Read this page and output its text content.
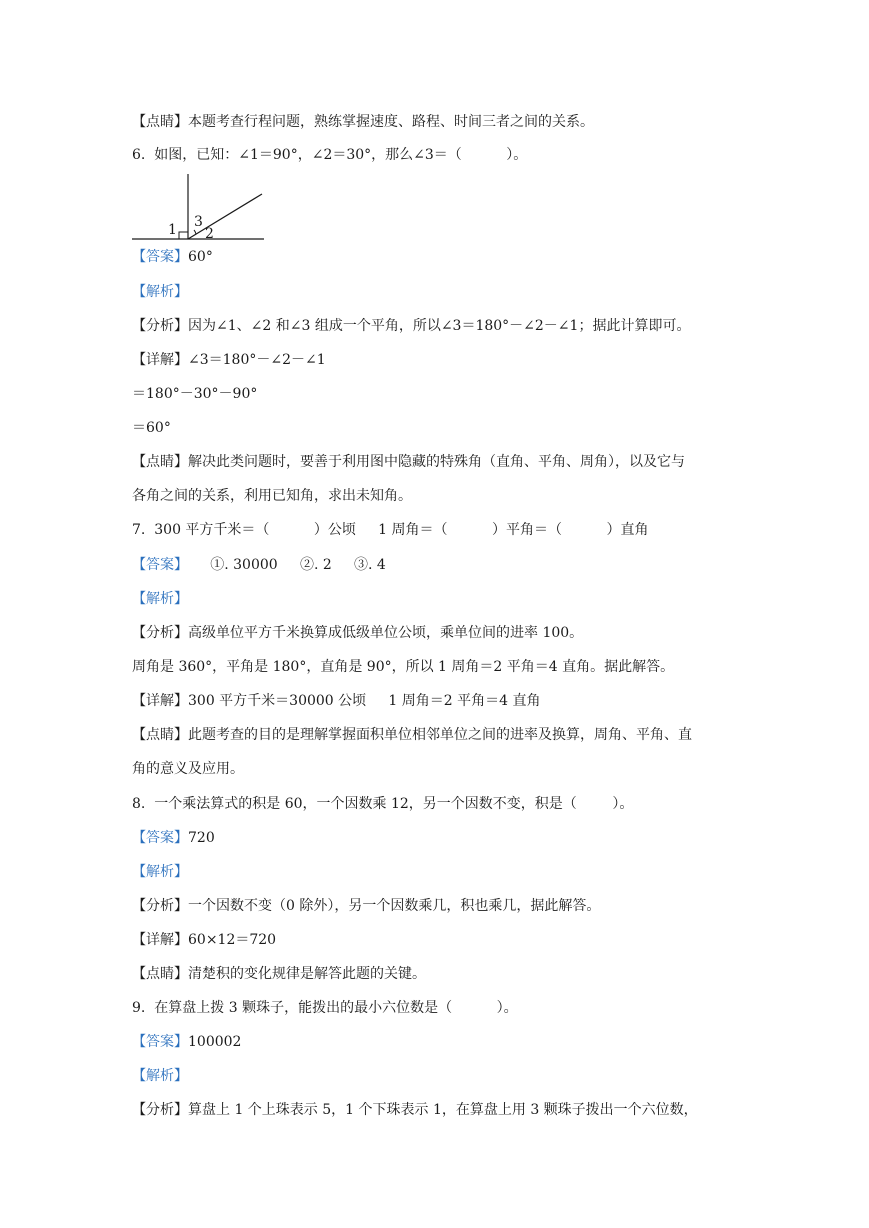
【点睛】本题考查行程问题，熟练掌握速度、路程、时间三者之间的关系。
6.  如图，已知：∠1＝90°，∠2＝30°，那么∠3＝（          ）。
1 3
2
【答案】60°
【解析】
【分析】因为∠1、∠2 和∠3 组成一个平角，所以∠3＝180°－∠2－∠1；据此计算即可。
【详解】∠3＝180°－∠2－∠1
＝180°－30°－90°
＝60°
【点睛】解决此类问题时，要善于利用图中隐藏的特殊角（直角、平角、周角），以及它与
各角之间的关系，利用已知角，求出未知角。
7.  300 平方千米＝（          ）公顷     1 周角＝（          ）平角＝（          ）直角
【答案】     ①. 30000     ②. 2     ③. 4
【解析】
【分析】高级单位平方千米换算成低级单位公顷，乘单位间的进率 100。
周角是 360°，平角是 180°，直角是 90°，所以 1 周角＝2 平角＝4 直角。据此解答。
【详解】300 平方千米＝30000 公顷     1 周角＝2 平角＝4 直角
【点睛】此题考查的目的是理解掌握面积单位相邻单位之间的进率及换算，周角、平角、直
角的意义及应用。
8.  一个乘法算式的积是 60，一个因数乘 12，另一个因数不变，积是（        ）。
【答案】720
【解析】
【分析】一个因数不变（0 除外），另一个因数乘几，积也乘几，据此解答。
【详解】60×12＝720
【点睛】清楚积的变化规律是解答此题的关键。
9.  在算盘上拨 3 颗珠子，能拨出的最小六位数是（          ）。
【答案】100002
【解析】
【分析】算盘上 1 个上珠表示 5，1 个下珠表示 1，在算盘上用 3 颗珠子拨出一个六位数，
